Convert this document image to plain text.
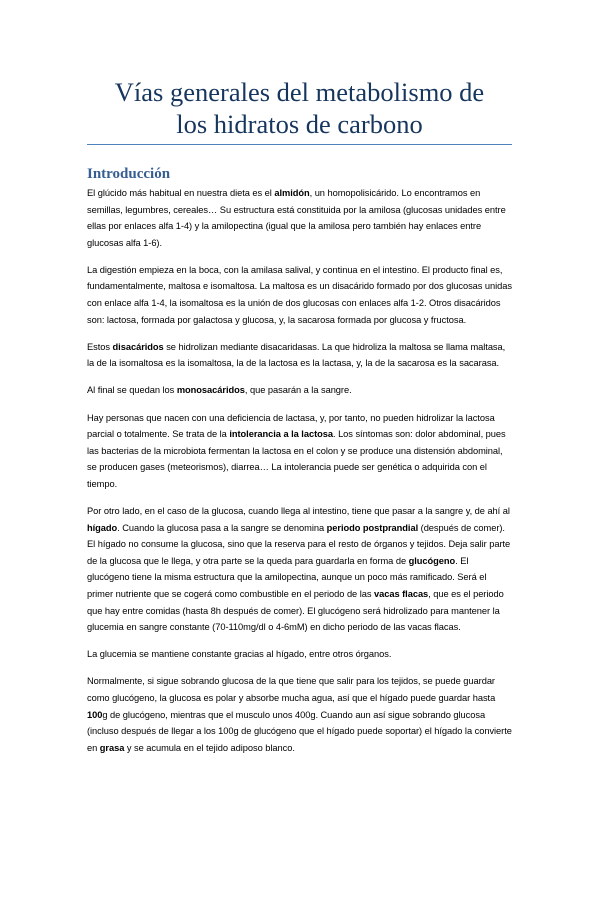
Vías generales del metabolismo de
los hidratos de carbono
Introducción

El glúcido más habitual en nuestra dieta es el almidón, un homopolisicárido. Lo encontramos en semillas, legumbres, cereales… Su estructura está constituida por la amilosa (glucosas unidades entre ellas por enlaces alfa 1-4) y la amilopectina (igual que la amilosa pero también hay enlaces entre glucosas alfa 1-6).

La digestión empieza en la boca, con la amilasa salival, y continua en el intestino. El producto final es, fundamentalmente, maltosa e isomaltosa. La maltosa es un disacárido formado por dos glucosas unidas con enlace alfa 1-4, la isomaltosa es la unión de dos glucosas con enlaces alfa 1-2. Otros disacáridos son: lactosa, formada por galactosa y glucosa, y, la sacarosa formada por glucosa y fructosa.

Estos disacáridos se hidrolizan mediante disacaridasas. La que hidroliza la maltosa se llama maltasa, la de la isomaltosa es la isomaltosa, la de la lactosa es la lactasa, y, la de la sacarosa es la sacarasa.

Al final se quedan los monosacáridos, que pasarán a la sangre.

Hay personas que nacen con una deficiencia de lactasa, y, por tanto, no pueden hidrolizar la lactosa parcial o totalmente. Se trata de la intolerancia a la lactosa. Los síntomas son: dolor abdominal, pues las bacterias de la microbiota fermentan la lactosa en el colon y se produce una distensión abdominal, se producen gases (meteorismos), diarrea… La intolerancia puede ser genética o adquirida con el tiempo.

Por otro lado, en el caso de la glucosa, cuando llega al intestino, tiene que pasar a la sangre y, de ahí al hígado. Cuando la glucosa pasa a la sangre se denomina periodo postprandial (después de comer). El hígado no consume la glucosa, sino que la reserva para el resto de órganos y tejidos. Deja salir parte de la glucosa que le llega, y otra parte se la queda para guardarla en forma de glucógeno. El glucógeno tiene la misma estructura que la amilopectina, aunque un poco más ramificado. Será el primer nutriente que se cogerá como combustible en el periodo de las vacas flacas, que es el periodo que hay entre comidas (hasta 8h después de comer). El glucógeno será hidrolizado para mantener la glucemia en sangre constante (70-110mg/dl o 4-6mM) en dicho periodo de las vacas flacas.

La glucemia se mantiene constante gracias al hígado, entre otros órganos.

Normalmente, si sigue sobrando glucosa de la que tiene que salir para los tejidos, se puede guardar como glucógeno, la glucosa es polar y absorbe mucha agua, así que el hígado puede guardar hasta 100g de glucógeno, mientras que el musculo unos 400g. Cuando aun así sigue sobrando glucosa (incluso después de llegar a los 100g de glucógeno que el hígado puede soportar) el hígado la convierte en grasa y se acumula en el tejido adiposo blanco.
